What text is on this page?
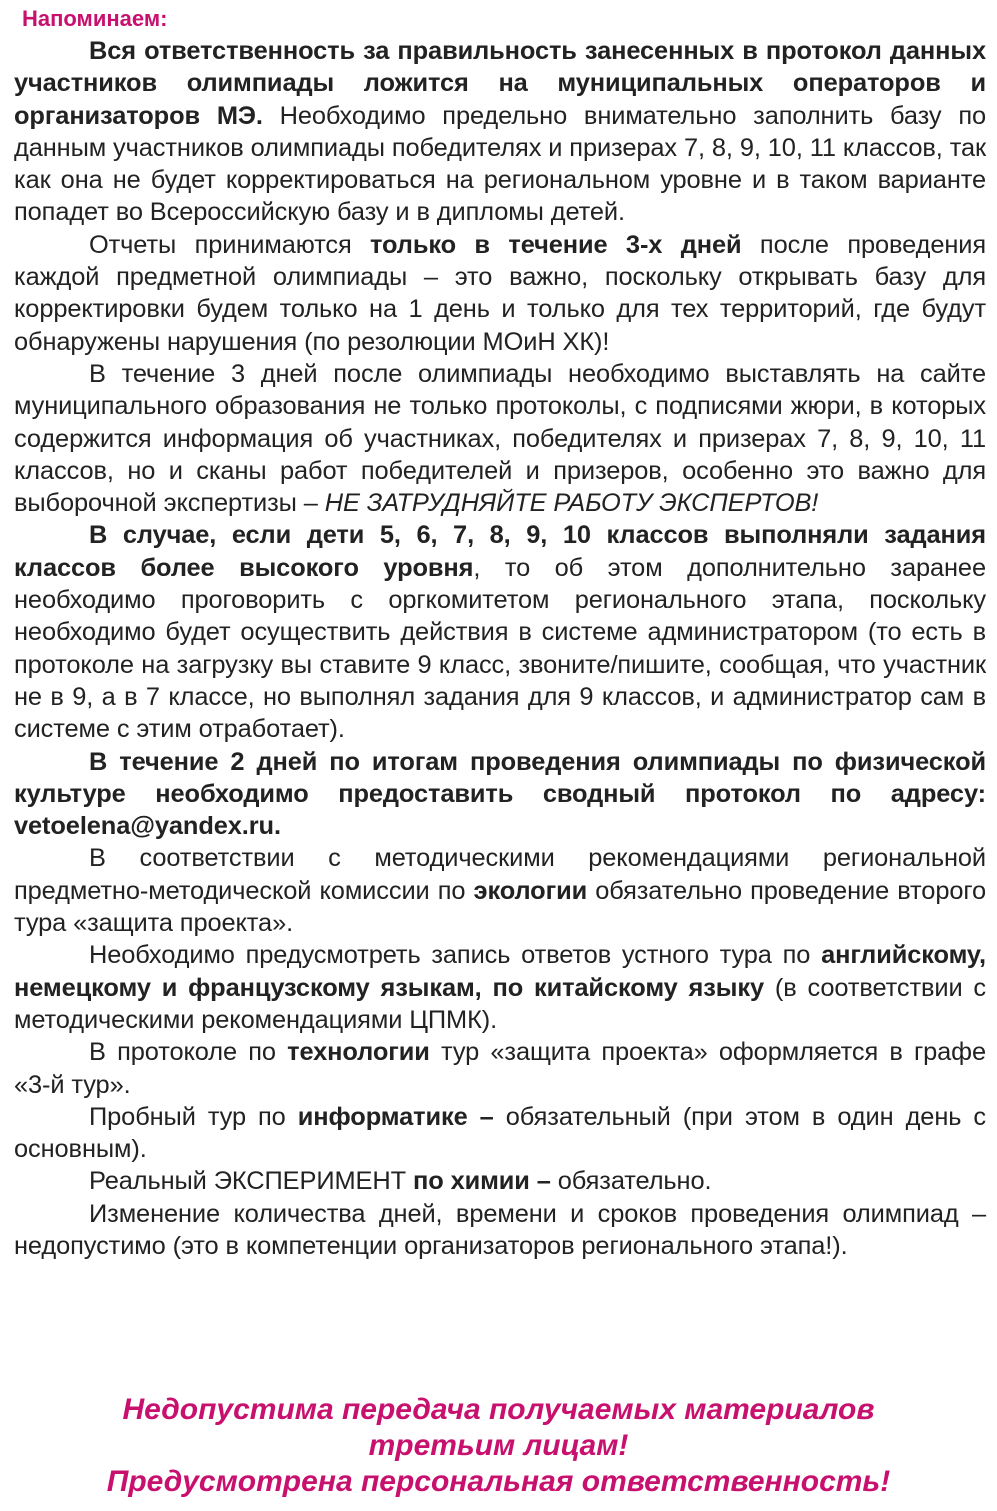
Напоминаем:

Вся ответственность за правильность занесенных в протокол данных участников олимпиады ложится на муниципальных операторов и организаторов МЭ. Необходимо предельно внимательно заполнить базу по данным участников олимпиады победителях и призерах 7, 8, 9, 10, 11 классов, так как она не будет корректироваться на региональном уровне и в таком варианте попадет во Всероссийскую базу и в дипломы детей.

Отчеты принимаются только в течение 3-х дней после проведения каждой предметной олимпиады – это важно, поскольку открывать базу для корректировки будем только на 1 день и только для тех территорий, где будут обнаружены нарушения (по резолюции МОиН ХК)!

В течение 3 дней после олимпиады необходимо выставлять на сайте муниципального образования не только протоколы, с подписями жюри, в которых содержится информация об участниках, победителях и призерах 7, 8, 9, 10, 11 классов, но и сканы работ победителей и призеров, особенно это важно для выборочной экспертизы – НЕ ЗАТРУДНЯЙТЕ РАБОТУ ЭКСПЕРТОВ!

В случае, если дети 5, 6, 7, 8, 9, 10 классов выполняли задания классов более высокого уровня, то об этом дополнительно заранее необходимо проговорить с оргкомитетом регионального этапа, поскольку необходимо будет осуществить действия в системе администратором (то есть в протоколе на загрузку вы ставите 9 класс, звоните/пишите, сообщая, что участник не в 9, а в 7 классе, но выполнял задания для 9 классов, и администратор сам в системе с этим отработает).

В течение 2 дней по итогам проведения олимпиады по физической культуре необходимо предоставить сводный протокол по адресу: vetoelena@yandex.ru.

В соответствии с методическими рекомендациями региональной предметно-методической комиссии по экологии обязательно проведение второго тура «защита проекта».

Необходимо предусмотреть запись ответов устного тура по английскому, немецкому и французскому языкам, по китайскому языку (в соответствии с методическими рекомендациями ЦПМК).

В протоколе по технологии тур «защита проекта» оформляется в графе «3-й тур».

Пробный тур по информатике – обязательный (при этом в один день с основным).

Реальный ЭКСПЕРИМЕНТ по химии – обязательно.

Изменение количества дней, времени и сроков проведения олимпиад – недопустимо (это в компетенции организаторов регионального этапа!).

Недопустима передача получаемых материалов
третьим лицам!
Предусмотрена персональная ответственность!
